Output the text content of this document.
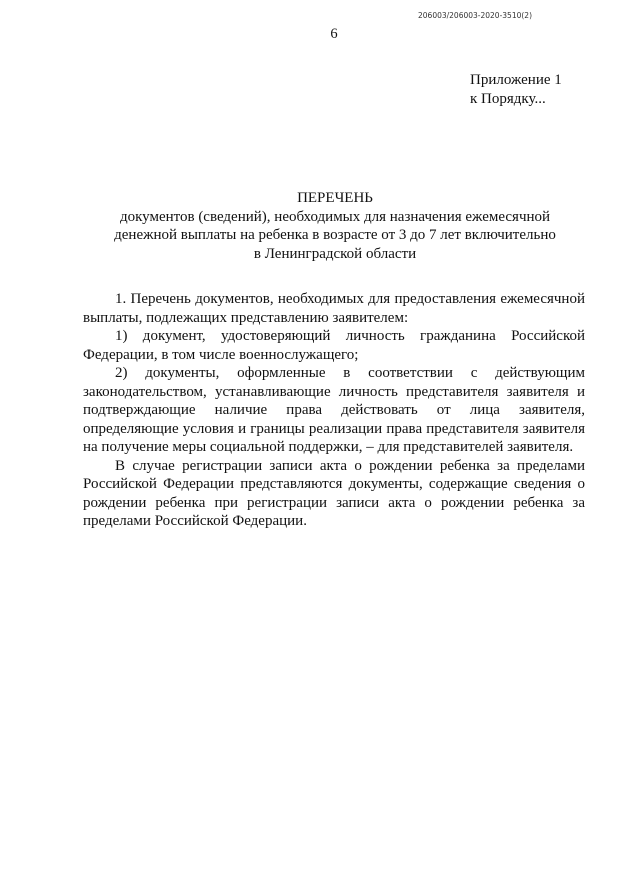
206003/206003-2020-3510(2)
6
Приложение 1
к Порядку...
ПЕРЕЧЕНЬ
документов (сведений), необходимых для назначения ежемесячной
денежной выплаты на ребенка в возрасте от 3 до 7 лет включительно
в Ленинградской области

1. Перечень документов, необходимых для предоставления ежемесячной выплаты, подлежащих представлению заявителем:

1) документ, удостоверяющий личность гражданина Российской Федерации, в том числе военнослужащего;

2) документы, оформленные в соответствии с действующим законодательством, устанавливающие личность представителя заявителя и подтверждающие наличие права действовать от лица заявителя, определяющие условия и границы реализации права представителя заявителя на получение меры социальной поддержки, – для представителей заявителя.

В случае регистрации записи акта о рождении ребенка за пределами Российской Федерации представляются документы, содержащие сведения о рождении ребенка при регистрации записи акта о рождении ребенка за пределами Российской Федерации.
